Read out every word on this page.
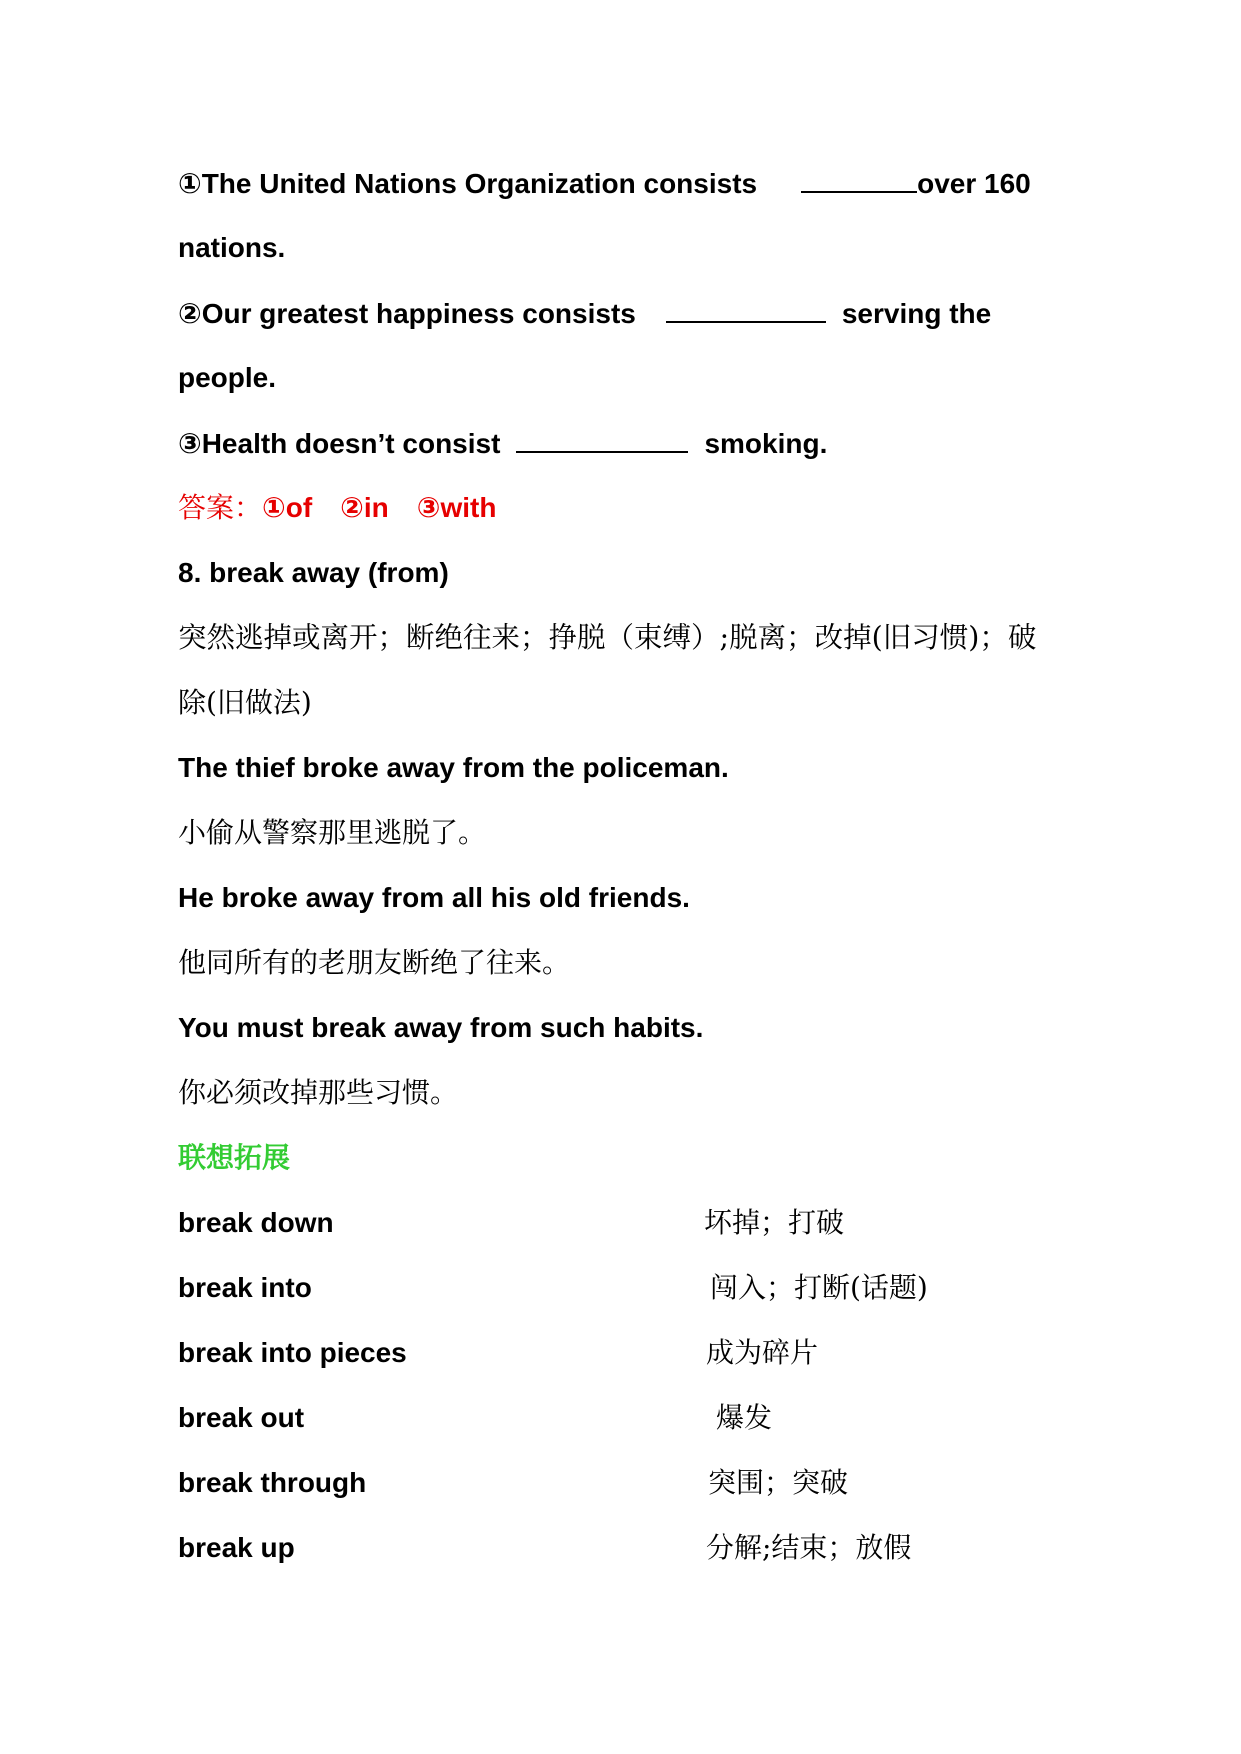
①The United Nations Organization consists	over 160
nations.
②Our greatest happiness consists	serving the
people.
③Health doesn’t consist	smoking.
答案：①of ②in ③with
8. break away (from)
突然逃掉或离开；断绝往来；挣脱（束缚）;脱离；改掉(旧习惯)；破
除(旧做法)
The thief broke away from the policeman.
小偷从警察那里逃脱了。
He broke away from all his old friends.
他同所有的老朋友断绝了往来。
You must break away from such habits.
你必须改掉那些习惯。
联想拓展
break down	坏掉；打破
break into	闯入；打断(话题)
break into pieces	成为碎片
break out	爆发
break through	突围；突破
break up	分解;结束；放假
